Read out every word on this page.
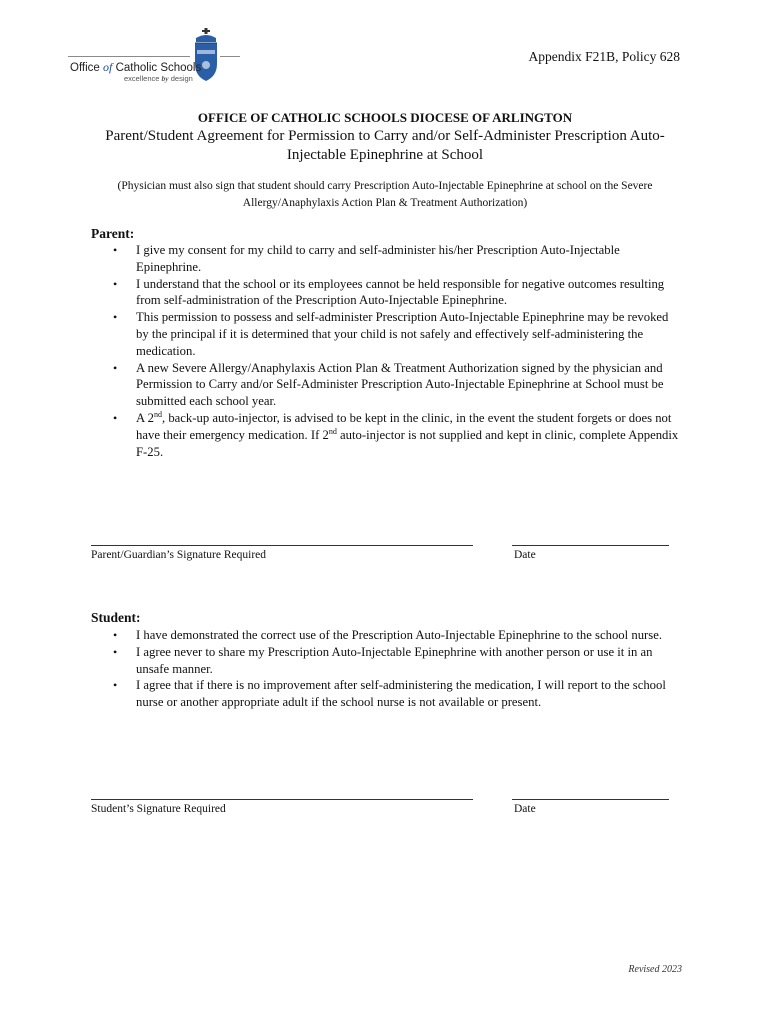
Office of Catholic Schools
excellence by design
Appendix F21B, Policy 628
OFFICE OF CATHOLIC SCHOOLS DIOCESE OF ARLINGTON
Parent/Student Agreement for Permission to Carry and/or Self-Administer Prescription Auto-Injectable Epinephrine at School
(Physician must also sign that student should carry Prescription Auto-Injectable Epinephrine at school on the Severe Allergy/Anaphylaxis Action Plan & Treatment Authorization)
Parent:
• I give my consent for my child to carry and self-administer his/her Prescription Auto-Injectable Epinephrine.
• I understand that the school or its employees cannot be held responsible for negative outcomes resulting from self-administration of the Prescription Auto-Injectable Epinephrine.
• This permission to possess and self-administer Prescription Auto-Injectable Epinephrine may be revoked by the principal if it is determined that your child is not safely and effectively self-administering the medication.
• A new Severe Allergy/Anaphylaxis Action Plan & Treatment Authorization signed by the physician and Permission to Carry and/or Self-Administer Prescription Auto-Injectable Epinephrine at School must be submitted each school year.
• A 2nd, back-up auto-injector, is advised to be kept in the clinic, in the event the student forgets or does not have their emergency medication. If 2nd auto-injector is not supplied and kept in clinic, complete Appendix F-25.
Parent/Guardian’s Signature Required	Date
Student:
• I have demonstrated the correct use of the Prescription Auto-Injectable Epinephrine to the school nurse.
• I agree never to share my Prescription Auto-Injectable Epinephrine with another person or use it in an unsafe manner.
• I agree that if there is no improvement after self-administering the medication, I will report to the school nurse or another appropriate adult if the school nurse is not available or present.
Student’s Signature Required	Date
Revised 2023
